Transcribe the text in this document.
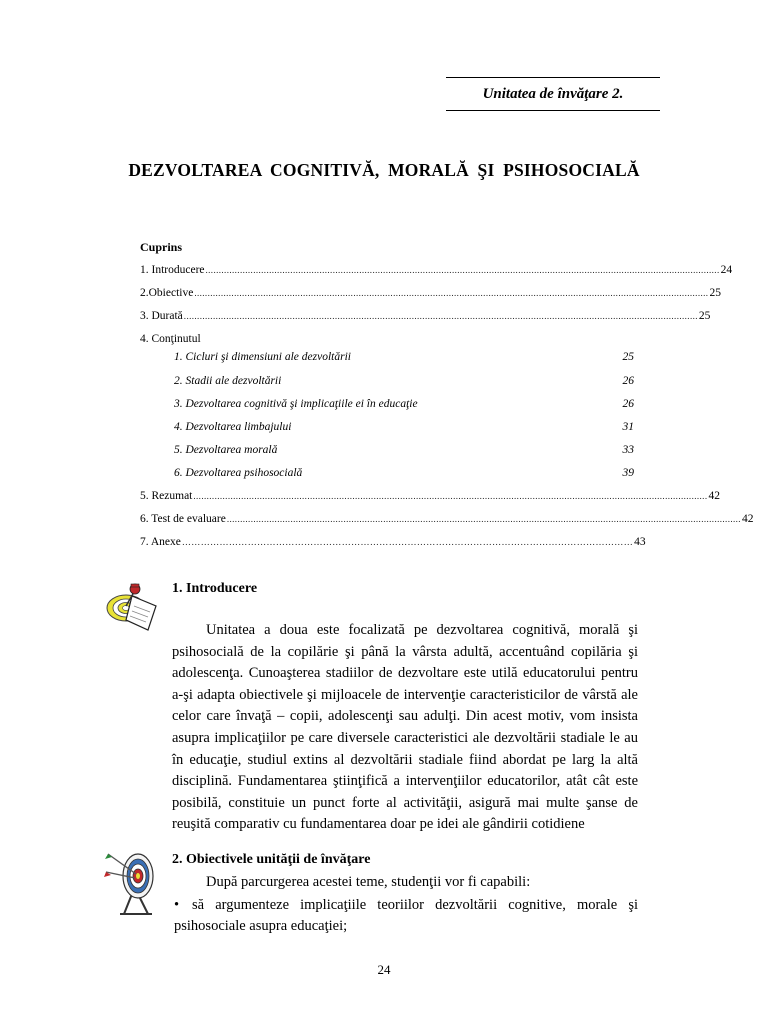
Unitatea de învăţare 2.
DEZVOLTAREA COGNITIVĂ, MORALĂ ŞI PSIHOSOCIALĂ
Cuprins
1. Introducere .................................................................................................................................................................................................. 24
2.Obiective .................................................................................................................................................................................................. 25
3. Durată .................................................................................................................................................................................................. 25
4. Conţinutul
1. Cicluri şi dimensiuni ale dezvoltării	25
2. Stadii ale dezvoltării	26
3. Dezvoltarea cognitivă şi implicaţiile ei în educaţie	26
4. Dezvoltarea limbajului	31
5. Dezvoltarea morală	33
6. Dezvoltarea psihosocială	39
5. Rezumat .................................................................................................................................................................................................. 42
6. Test de evaluare .................................................................................................................................................................................................. 42
7. Anexe ……………………………………………………………………………………………………………………………… 43
1. Introducere
Unitatea a doua este focalizată pe dezvoltarea cognitivă, morală şi psihosocială de la copilărie şi până la vârsta adultă, accentuând copilăria şi adolescenţa. Cunoaşterea stadiilor de dezvoltare este utilă educatorului pentru a-şi adapta obiectivele şi mijloacele de intervenţie caracteristicilor de vârstă ale celor care învaţă – copii, adolescenţi sau adulţi. Din acest motiv, vom insista asupra implicaţiilor pe care diversele caracteristici ale dezvoltării stadiale le au în educaţie, studiul extins al dezvoltării stadiale fiind abordat pe larg la altă disciplină. Fundamentarea ştiinţifică a intervenţiilor educatorilor, atât cât este posibilă, constituie un punct forte al activităţii, asigură mai multe şanse de reuşită comparativ cu fundamentarea doar pe idei ale gândirii cotidiene
2. Obiectivele unităţii de învăţare
După parcurgerea acestei teme, studenţii vor fi capabili:
• să argumenteze implicaţiile teoriilor dezvoltării cognitive, morale şi psihosociale asupra educaţiei;
24
